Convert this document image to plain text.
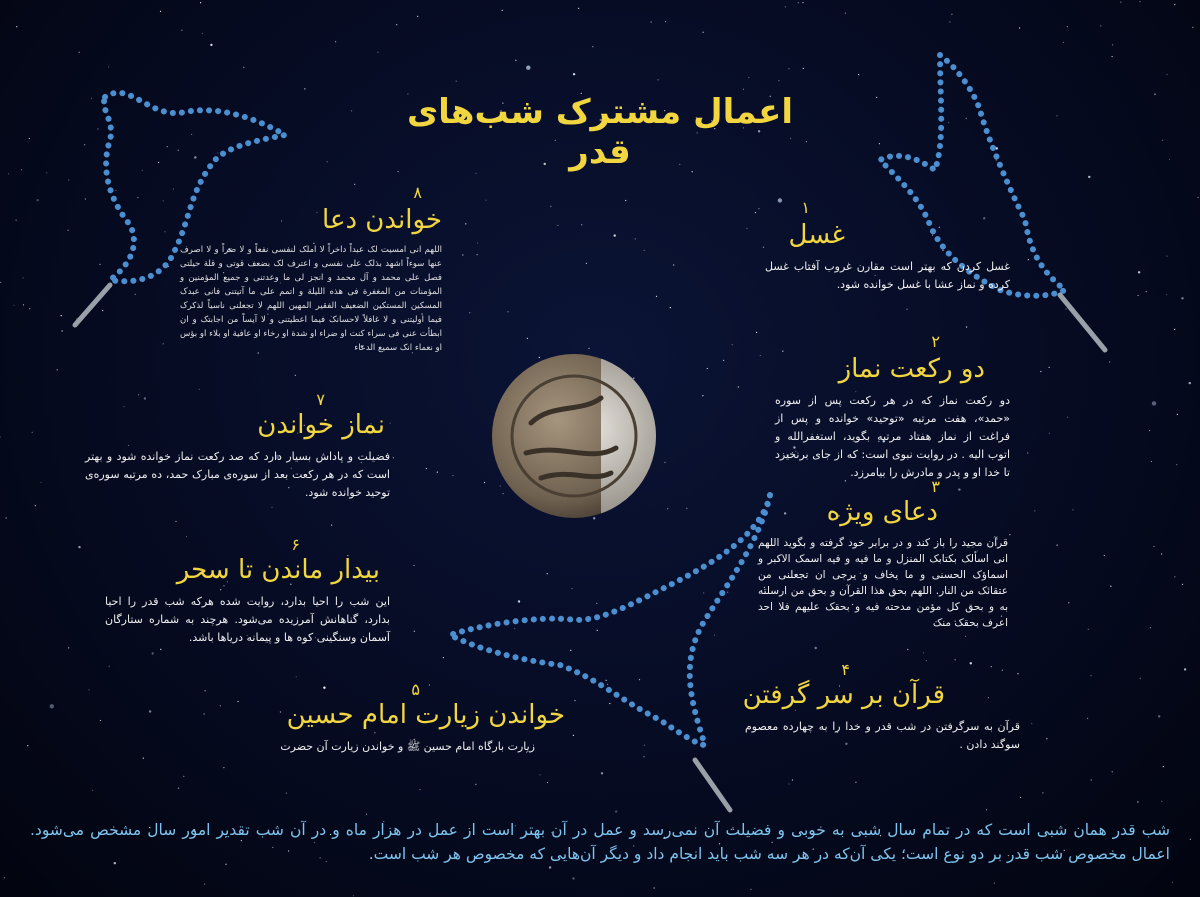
اعمال مشترک شب‌های قدر
۱
غسل
غسل کردن که بهتر است مقارن غروب آفتاب غسل کرده و نماز عشا با غسل خوانده شود.
۲
دو رکعت نماز
دو رکعت نماز که در هر رکعت پس از سوره «حمد»، هفت مرتبه «توحید» خوانده و پس از فراغت از نماز هفتاد مرتبه بگوید، استغفرالله و اتوب الیه . در روایت نبوی است: که از جای برنخیزد تا خدا او و پدر و مادرش را بیامرزد.
۳
دعای ویژه
قرآن مجید را باز کند و در برابر خود گرفته و بگوید اللهم انی اسألک بکتابک المنزل و ما فیه و فیه اسمک الاکبر و اسماؤک الحسنی و ما یخاف و یرجی ان تجعلنی من عتقائک من النار. اللهم بحق هذا القرآن و بحق من ارسلته به و بحق کل مؤمن مدحته فیه و بحقک علیهم فلا احد اعرف بحقک منک
۴
قرآن بر سر گرفتن
قرآن به سرگرفتن در شب قدر و خدا را به چهارده معصوم سوگند دادن .
۵
خواندن زیارت امام حسین
زیارت بارگاه امام حسین ﷺ و خواندن زیارت آن حضرت
۶
بیدار ماندن تا سحر
این شب را احیا بدارد، روایت شده هرکه شب قدر را احیا بدارد، گناهانش آمرزیده می‌شود. هرچند به شماره ستارگان آسمان وسنگینی کوه ها و پیمانه دریاها باشد.
۷
نماز خواندن
فضیلت و پاداش بسیار دارد که صد رکعت نماز خوانده شود و بهتر است که در هر رکعت بعد از سوره‌ی مبارک حمد، ده مرتبه سوره‌ی توحید خوانده شود.
۸
خواندن دعا
اللهم انی امسیت لک عبداً داخراً لا املک لنفسی نفعاً و لا ضراً و لا اصرف عنها سوءاً اشهد بذلک علی نفسی و اعترف لک بضعف قوتی و قلة حیلتی فصل علی محمد و آل محمد و انجز لی ما وعدتنی و جمیع المؤمنین و المؤمنات من المغفرة فی هذه اللیلة و اتمم علی ما آتیتنی فانی عبدک المسکین المستکین الضعیف الفقیر المهین اللهم لا تجعلنی ناسیاً لذکرک فیما اولیتنی و لا غافلاً لاحسانک فیما اعطیتنی و لا آیساً من اجابتک و ان ابطأت عنی فی سراء کنت او ضراء او شدة او رخاء او عافیة او بلاء او بؤس او نعماء انک سمیع الدعاء
شب قدر همان شبی است که در تمام سال شبی به خوبی و فضیلت آن نمی‌رسد و عمل در آن بهتر است از عمل در هزار ماه و در آن شب تقدیر امور سال مشخص می‌شود. اعمال مخصوص شب قدر بر دو نوع است؛ یکی آن‌که در هر سه شب باید انجام داد و دیگر آن‌هایی که مخصوص هر شب است.
